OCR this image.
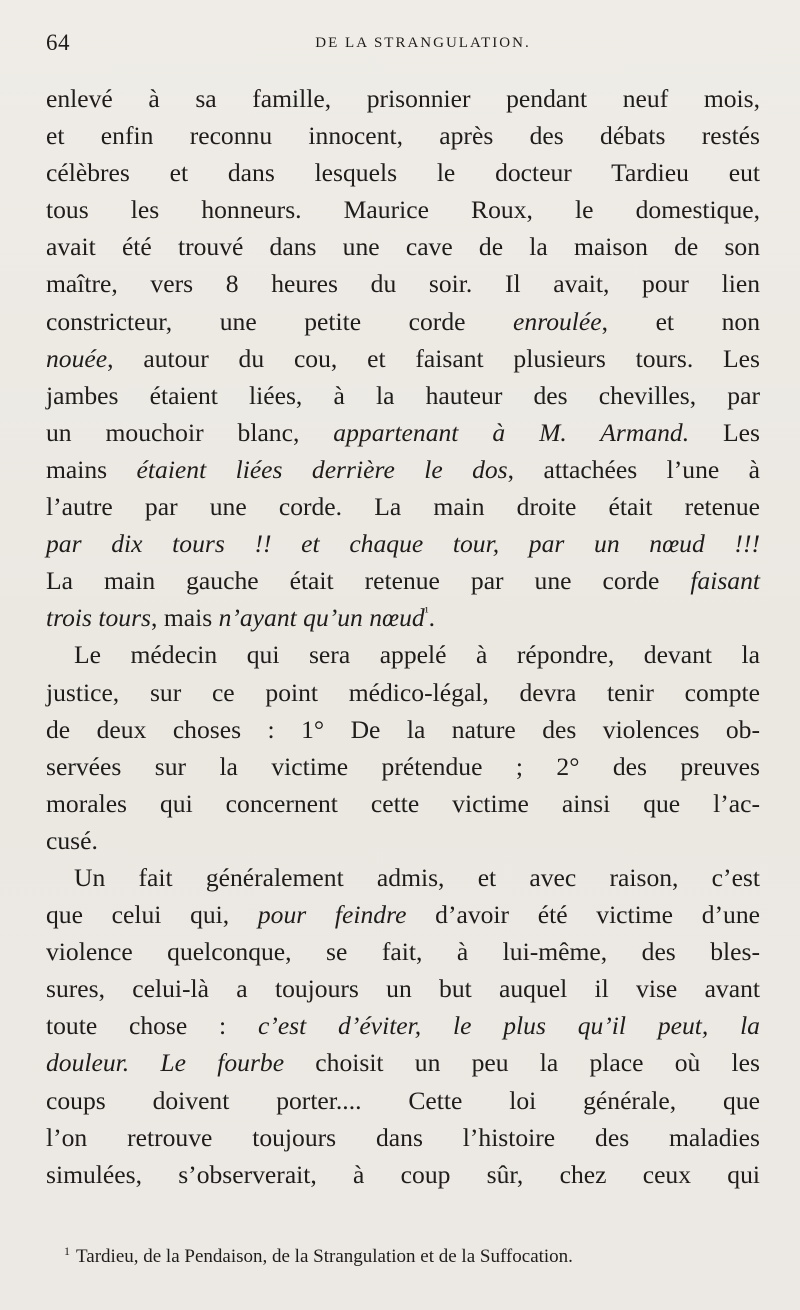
64	DE LA STRANGULATION.
enlevé à sa famille, prisonnier pendant neuf mois,
et enfin reconnu innocent, après des débats restés
célèbres et dans lesquels le docteur Tardieu eut
tous les honneurs. Maurice Roux, le domestique,
avait été trouvé dans une cave de la maison de son
maître, vers 8 heures du soir. Il avait, pour lien
constricteur, une petite corde enroulée, et non
nouée, autour du cou, et faisant plusieurs tours. Les
jambes étaient liées, à la hauteur des chevilles, par
un mouchoir blanc, appartenant à M. Armand. Les
mains étaient liées derrière le dos, attachées l’une à
l’autre par une corde. La main droite était retenue
par dix tours !! et chaque tour, par un nœud !!!
La main gauche était retenue par une corde faisant
trois tours, mais n’ayant qu’un nœud$^{^1}$.
Le médecin qui sera appelé à répondre, devant la
justice, sur ce point médico-légal, devra tenir compte
de deux choses : 1° De la nature des violences ob-
servées sur la victime prétendue ; 2° des preuves
morales qui concernent cette victime ainsi que l’ac-
cusé.
Un fait généralement admis, et avec raison, c’est
que celui qui, pour feindre d’avoir été victime d’une
violence quelconque, se fait, à lui-même, des bles-
sures, celui-là a toujours un but auquel il vise avant
toute chose : c’est d’éviter, le plus qu’il peut, la
douleur. Le fourbe choisit un peu la place où les
coups doivent porter.... Cette loi générale, que
l’on retrouve toujours dans l’histoire des maladies
simulées, s’observerait, à coup sûr, chez ceux qui
$^1$ Tardieu, de la Pendaison, de la Strangulation et de la Suffocation.
